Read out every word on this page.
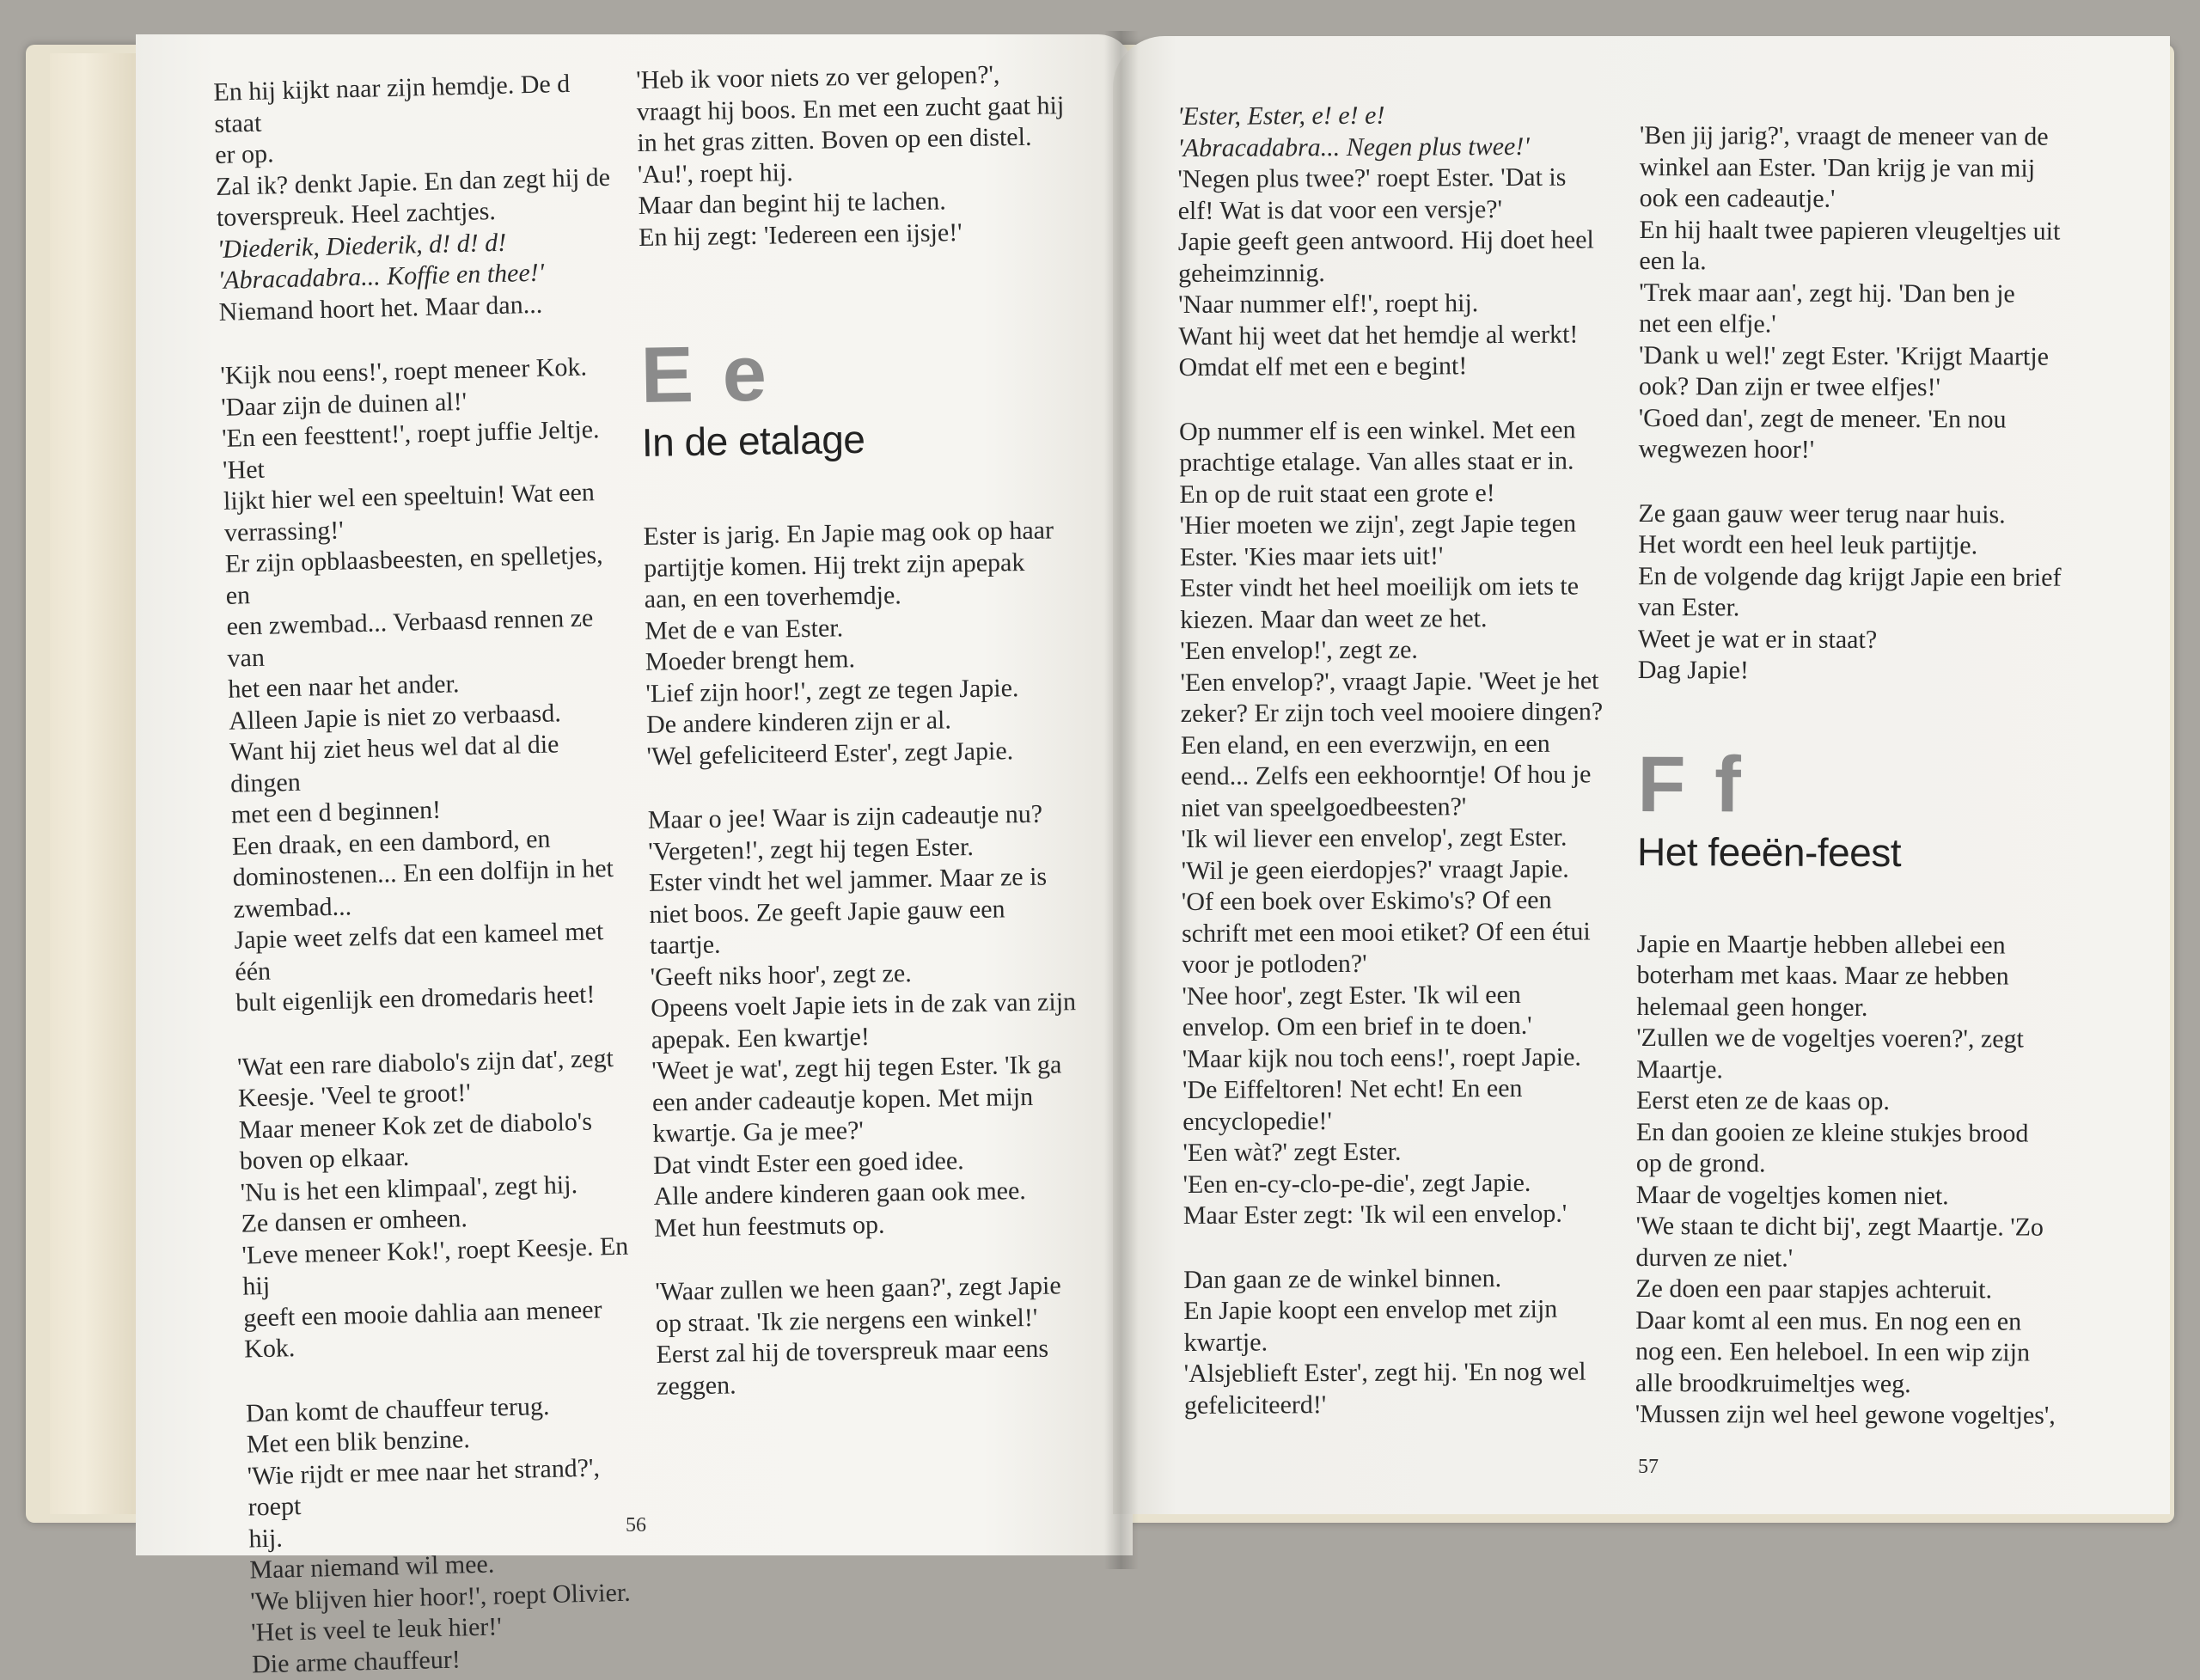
En hij kijkt naar zijn hemdje. De d staat

er op.

Zal ik? denkt Japie. En dan zegt hij de

toverspreuk. Heel zachtjes.

'Diederik, Diederik, d! d! d!

'Abracadabra... Koffie en thee!'

Niemand hoort het. Maar dan...

'Kijk nou eens!', roept meneer Kok.

'Daar zijn de duinen al!'

'En een feesttent!', roept juffie Jeltje. 'Het

lijkt hier wel een speeltuin! Wat een

verrassing!'

Er zijn opblaasbeesten, en spelletjes, en

een zwembad... Verbaasd rennen ze van

het een naar het ander.

Alleen Japie is niet zo verbaasd.

Want hij ziet heus wel dat al die dingen

met een d beginnen!

Een draak, en een dambord, en

dominostenen... En een dolfijn in het

zwembad...

Japie weet zelfs dat een kameel met één

bult eigenlijk een dromedaris heet!

'Wat een rare diabolo's zijn dat', zegt

Keesje. 'Veel te groot!'

Maar meneer Kok zet de diabolo's

boven op elkaar.

'Nu is het een klimpaal', zegt hij.

Ze dansen er omheen.

'Leve meneer Kok!', roept Keesje. En hij

geeft een mooie dahlia aan meneer Kok.

Dan komt de chauffeur terug.

Met een blik benzine.

'Wie rijdt er mee naar het strand?', roept

hij.

Maar niemand wil mee.

'We blijven hier hoor!', roept Olivier.

'Het is veel te leuk hier!'

Die arme chauffeur!

'Heb ik voor niets zo ver gelopen?',

vraagt hij boos. En met een zucht gaat hij

in het gras zitten. Boven op een distel.

'Au!', roept hij.

Maar dan begint hij te lachen.

En hij zegt: 'Iedereen een ijsje!'

E e
In de etalage

Ester is jarig. En Japie mag ook op haar

partijtje komen. Hij trekt zijn apepak

aan, en een toverhemdje.

Met de e van Ester.

Moeder brengt hem.

'Lief zijn hoor!', zegt ze tegen Japie.

De andere kinderen zijn er al.

'Wel gefeliciteerd Ester', zegt Japie.

Maar o jee! Waar is zijn cadeautje nu?

'Vergeten!', zegt hij tegen Ester.

Ester vindt het wel jammer. Maar ze is

niet boos. Ze geeft Japie gauw een

taartje.

'Geeft niks hoor', zegt ze.

Opeens voelt Japie iets in de zak van zijn

apepak. Een kwartje!

'Weet je wat', zegt hij tegen Ester. 'Ik ga

een ander cadeautje kopen. Met mijn

kwartje. Ga je mee?'

Dat vindt Ester een goed idee.

Alle andere kinderen gaan ook mee.

Met hun feestmuts op.

'Waar zullen we heen gaan?', zegt Japie

op straat. 'Ik zie nergens een winkel!'

Eerst zal hij de toverspreuk maar eens

zeggen.

56

'Ester, Ester, e! e! e!

'Abracadabra... Negen plus twee!'

'Negen plus twee?' roept Ester. 'Dat is

elf! Wat is dat voor een versje?'

Japie geeft geen antwoord. Hij doet heel

geheimzinnig.

'Naar nummer elf!', roept hij.

Want hij weet dat het hemdje al werkt!

Omdat elf met een e begint!

Op nummer elf is een winkel. Met een

prachtige etalage. Van alles staat er in.

En op de ruit staat een grote e!

'Hier moeten we zijn', zegt Japie tegen

Ester. 'Kies maar iets uit!'

Ester vindt het heel moeilijk om iets te

kiezen. Maar dan weet ze het.

'Een envelop!', zegt ze.

'Een envelop?', vraagt Japie. 'Weet je het

zeker? Er zijn toch veel mooiere dingen?

Een eland, en een everzwijn, en een

eend... Zelfs een eekhoorntje! Of hou je

niet van speelgoedbeesten?'

'Ik wil liever een envelop', zegt Ester.

'Wil je geen eierdopjes?' vraagt Japie.

'Of een boek over Eskimo's? Of een

schrift met een mooi etiket? Of een étui

voor je potloden?'

'Nee hoor', zegt Ester. 'Ik wil een

envelop. Om een brief in te doen.'

'Maar kijk nou toch eens!', roept Japie.

'De Eiffeltoren! Net echt! En een

encyclopedie!'

'Een wàt?' zegt Ester.

'Een en-cy-clo-pe-die', zegt Japie.

Maar Ester zegt: 'Ik wil een envelop.'

Dan gaan ze de winkel binnen.

En Japie koopt een envelop met zijn

kwartje.

'Alsjeblieft Ester', zegt hij. 'En nog wel

gefeliciteerd!'

'Ben jij jarig?', vraagt de meneer van de

winkel aan Ester. 'Dan krijg je van mij

ook een cadeautje.'

En hij haalt twee papieren vleugeltjes uit

een la.

'Trek maar aan', zegt hij. 'Dan ben je

net een elfje.'

'Dank u wel!' zegt Ester. 'Krijgt Maartje

ook? Dan zijn er twee elfjes!'

'Goed dan', zegt de meneer. 'En nou

wegwezen hoor!'

Ze gaan gauw weer terug naar huis.

Het wordt een heel leuk partijtje.

En de volgende dag krijgt Japie een brief

van Ester.

Weet je wat er in staat?

Dag Japie!

F f
Het feeën-feest

Japie en Maartje hebben allebei een

boterham met kaas. Maar ze hebben

helemaal geen honger.

'Zullen we de vogeltjes voeren?', zegt

Maartje.

Eerst eten ze de kaas op.

En dan gooien ze kleine stukjes brood

op de grond.

Maar de vogeltjes komen niet.

'We staan te dicht bij', zegt Maartje. 'Zo

durven ze niet.'

Ze doen een paar stapjes achteruit.

Daar komt al een mus. En nog een en

nog een. Een heleboel. In een wip zijn

alle broodkruimeltjes weg.

'Mussen zijn wel heel gewone vogeltjes',

57
